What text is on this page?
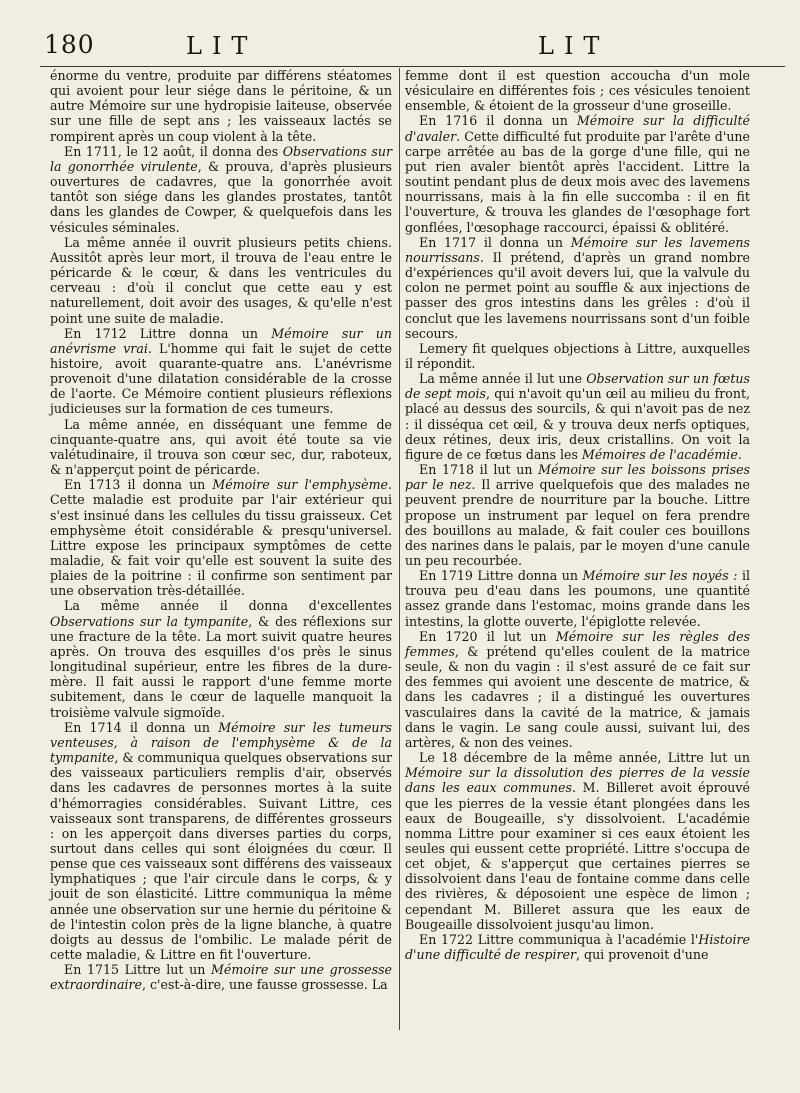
180	LIT	LIT

énorme du ventre, produite par différens stéatomes qui avoient pour leur siége dans le péritoine, & un autre Mémoire sur une hydropisie laiteuse, observée sur une fille de sept ans ; les vaisseaux lactés se rompirent après un coup violent à la tête.

En 1711, le 12 août, il donna des Observations sur la gonorrhée virulente, & prouva, d'après plusieurs ouvertures de cadavres, que la gonorrhée avoit tantôt son siége dans les glandes prostates, tantôt dans les glandes de Cowper, & quelquefois dans les vésicules séminales.

La même année il ouvrit plusieurs petits chiens. Aussitôt après leur mort, il trouva de l'eau entre le péricarde & le cœur, & dans les ventricules du cerveau : d'où il conclut que cette eau y est naturellement, doit avoir des usages, & qu'elle n'est point une suite de maladie.

En 1712 Littre donna un Mémoire sur un anévrisme vrai. L'homme qui fait le sujet de cette histoire, avoit quarante-quatre ans. L'anévrisme provenoit d'une dilatation considérable de la crosse de l'aorte. Ce Mémoire contient plusieurs réflexions judicieuses sur la formation de ces tumeurs.

La même année, en disséquant une femme de cinquante-quatre ans, qui avoit été toute sa vie valétudinaire, il trouva son cœur sec, dur, raboteux, & n'apperçut point de péricarde.

En 1713 il donna un Mémoire sur l'emphysème. Cette maladie est produite par l'air extérieur qui s'est insinué dans les cellules du tissu graisseux. Cet emphysème étoit considérable & presqu'universel. Littre expose les principaux symptômes de cette maladie, & fait voir qu'elle est souvent la suite des plaies de la poitrine : il confirme son sentiment par une observation très-détaillée.

La même année il donna d'excellentes Observations sur la tympanite, & des réflexions sur une fracture de la tête. La mort suivit quatre heures après. On trouva des esquilles d'os près le sinus longitudinal supérieur, entre les fibres de la dure-mère. Il fait aussi le rapport d'une femme morte subitement, dans le cœur de laquelle manquoit la troisième valvule sigmoïde.

En 1714 il donna un Mémoire sur les tumeurs venteuses, à raison de l'emphysème & de la tympanite, & communiqua quelques observations sur des vaisseaux particuliers remplis d'air, observés dans les cadavres de personnes mortes à la suite d'hémorragies considérables. Suivant Littre, ces vaisseaux sont transparens, de différentes grosseurs : on les apperçoit dans diverses parties du corps, surtout dans celles qui sont éloignées du cœur. Il pense que ces vaisseaux sont différens des vaisseaux lymphatiques ; que l'air circule dans le corps, & y jouit de son élasticité. Littre communiqua la même année une observation sur une hernie du péritoine & de l'intestin colon près de la ligne blanche, à quatre doigts au dessus de l'ombilic. Le malade périt de cette maladie, & Littre en fit l'ouverture.

En 1715 Littre lut un Mémoire sur une grossesse extraordinaire, c'est-à-dire, une fausse grossesse. La

femme dont il est question accoucha d'un mole vésiculaire en différentes fois ; ces vésicules tenoient ensemble, & étoient de la grosseur d'une groseille.

En 1716 il donna un Mémoire sur la difficulté d'avaler. Cette difficulté fut produite par l'arête d'une carpe arrêtée au bas de la gorge d'une fille, qui ne put rien avaler bientôt après l'accident. Littre la soutint pendant plus de deux mois avec des lavemens nourrissans, mais à la fin elle succomba : il en fit l'ouverture, & trouva les glandes de l'œsophage fort gonflées, l'œsophage raccourci, épaissi & oblitéré.

En 1717 il donna un Mémoire sur les lavemens nourrissans. Il prétend, d'après un grand nombre d'expériences qu'il avoit devers lui, que la valvule du colon ne permet point au souffle & aux injections de passer des gros intestins dans les grêles : d'où il conclut que les lavemens nourrissans sont d'un foible secours.

Lemery fit quelques objections à Littre, auxquelles il répondit.

La même année il lut une Observation sur un fœtus de sept mois, qui n'avoit qu'un œil au milieu du front, placé au dessus des sourcils, & qui n'avoit pas de nez : il disséqua cet œil, & y trouva deux nerfs optiques, deux rétines, deux iris, deux cristallins. On voit la figure de ce fœtus dans les Mémoires de l'académie.

En 1718 il lut un Mémoire sur les boissons prises par le nez. Il arrive quelquefois que des malades ne peuvent prendre de nourriture par la bouche. Littre propose un instrument par lequel on fera prendre des bouillons au malade, & fait couler ces bouillons des narines dans le palais, par le moyen d'une canule un peu recourbée.

En 1719 Littre donna un Mémoire sur les noyés : il trouva peu d'eau dans les poumons, une quantité assez grande dans l'estomac, moins grande dans les intestins, la glotte ouverte, l'épiglotte relevée.

En 1720 il lut un Mémoire sur les règles des femmes, & prétend qu'elles coulent de la matrice seule, & non du vagin : il s'est assuré de ce fait sur des femmes qui avoient une descente de matrice, & dans les cadavres ; il a distingué les ouvertures vasculaires dans la cavité de la matrice, & jamais dans le vagin. Le sang coule aussi, suivant lui, des artères, & non des veines.

Le 18 décembre de la même année, Littre lut un Mémoire sur la dissolution des pierres de la vessie dans les eaux communes. M. Billeret avoit éprouvé que les pierres de la vessie étant plongées dans les eaux de Bougeaille, s'y dissolvoient. L'académie nomma Littre pour examiner si ces eaux étoient les seules qui eussent cette propriété. Littre s'occupa de cet objet, & s'apperçut que certaines pierres se dissolvoient dans l'eau de fontaine comme dans celle des rivières, & déposoient une espèce de limon ; cependant M. Billeret assura que les eaux de Bougeaille dissolvoient jusqu'au limon.

En 1722 Littre communiqua à l'académie l'Histoire d'une difficulté de respirer, qui provenoit d'une
